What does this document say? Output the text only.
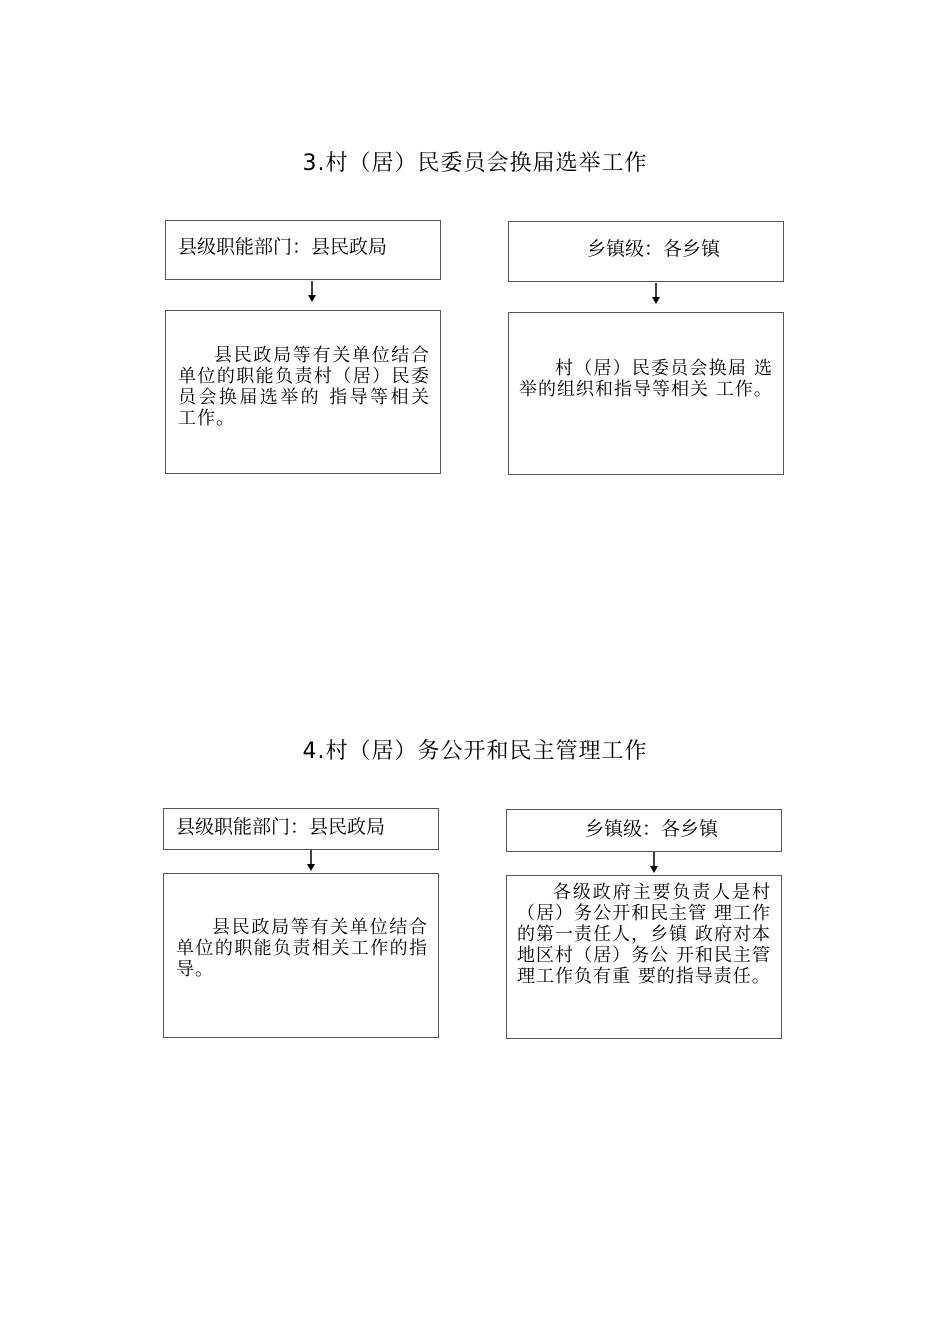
3.村（居）民委员会换届选举工作
县级职能部门：县民政局
县民政局等有关单位结合单位的职能负责村（居）民委员会换届选举的 指导等相关工作。
乡镇级：各乡镇
村（居）民委员会换届 选举的组织和指导等相关 工作。
4.村（居）务公开和民主管理工作
县级职能部门：县民政局
县民政局等有关单位结合单位的职能负责相关工作的指导。
乡镇级：各乡镇
各级政府主要负责人是村（居）务公开和民主管 理工作的第一责任人，乡镇 政府对本地区村（居）务公 开和民主管理工作负有重 要的指导责任。
